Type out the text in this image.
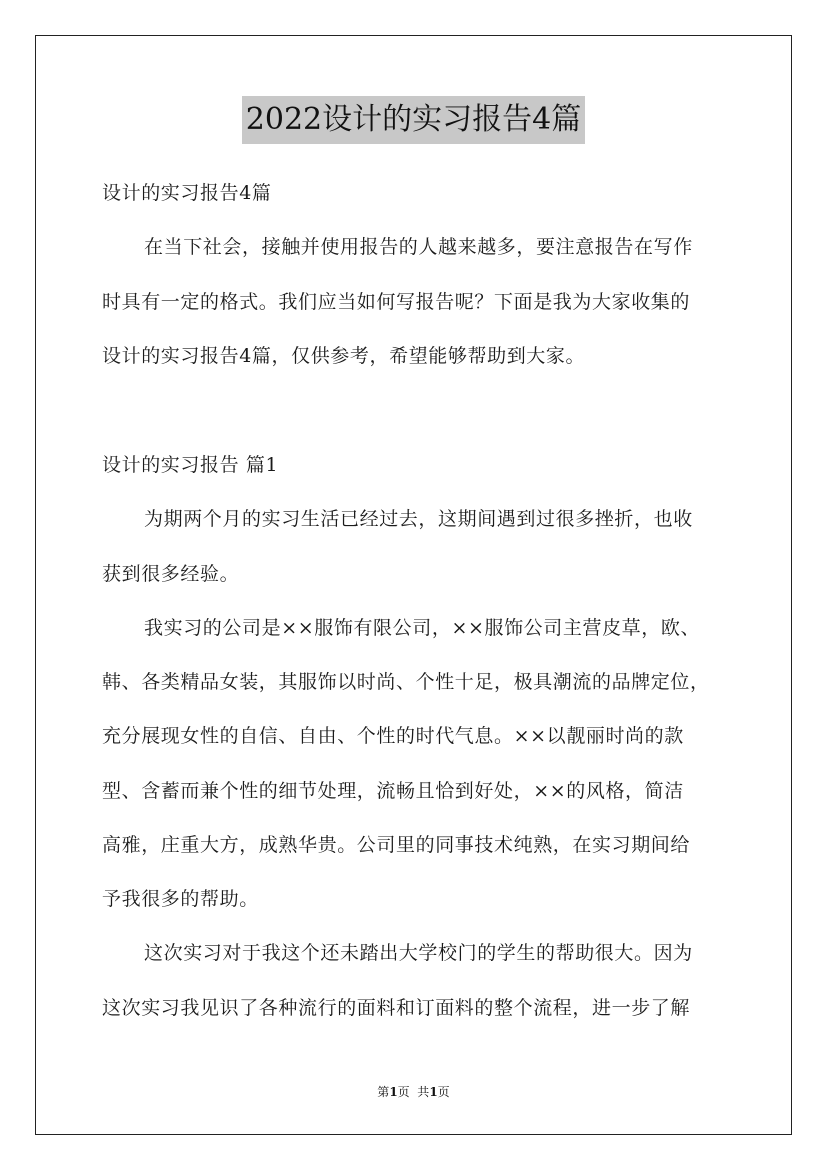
2022设计的实习报告4篇
设计的实习报告4篇
在当下社会，接触并使用报告的人越来越多，要注意报告在写作
时具有一定的格式。我们应当如何写报告呢？下面是我为大家收集的
设计的实习报告4篇，仅供参考，希望能够帮助到大家。
设计的实习报告 篇1
为期两个月的实习生活已经过去，这期间遇到过很多挫折，也收
获到很多经验。
我实习的公司是××服饰有限公司，××服饰公司主营皮草，欧、
韩、各类精品女装，其服饰以时尚、个性十足，极具潮流的品牌定位，
充分展现女性的自信、自由、个性的时代气息。××以靓丽时尚的款
型、含蓄而兼个性的细节处理，流畅且恰到好处，××的风格，简洁
高雅，庄重大方，成熟华贵。公司里的同事技术纯熟，在实习期间给
予我很多的帮助。
这次实习对于我这个还未踏出大学校门的学生的帮助很大。因为
这次实习我见识了各种流行的面料和订面料的整个流程，进一步了解
第1页  共1页
